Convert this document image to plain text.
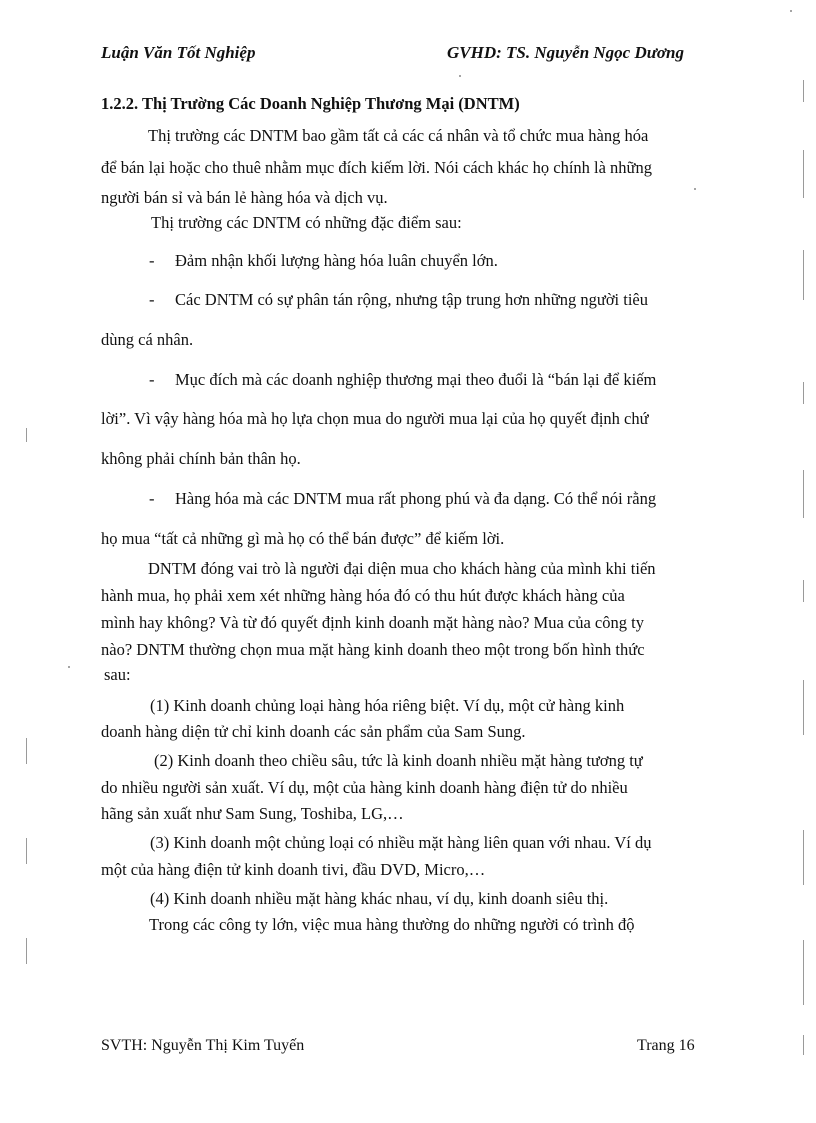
Luận Văn Tốt Nghiệp	GVHD: TS. Nguyễn Ngọc Dương
1.2.2. Thị Trường Các Doanh Nghiệp Thương Mại (DNTM)
Thị trường các DNTM bao gầm tất cả các cá nhân và tổ chức mua hàng hóa
để bán lại hoặc cho thuê nhằm mục đích kiếm lời. Nói cách khác họ chính là những
người bán sỉ và bán lẻ hàng hóa và dịch vụ.
Thị trường các DNTM có những đặc điểm sau:
- Đảm nhận khối lượng hàng hóa luân chuyển lớn.
- Các DNTM có sự phân tán rộng, nhưng tập trung hơn những người tiêu
dùng cá nhân.
- Mục đích mà các doanh nghiệp thương mại theo đuổi là “bán lại để kiếm
lời”. Vì vậy hàng hóa mà họ lựa chọn mua do người mua lại của họ quyết định chứ
không phải chính bản thân họ.
- Hàng hóa mà các DNTM mua rất phong phú và đa dạng. Có thể nói rằng
họ mua “tất cả những gì mà họ có thể bán được” để kiếm lời.
DNTM đóng vai trò là người đại diện mua cho khách hàng của mình khi tiến
hành mua, họ phải xem xét những hàng hóa đó có thu hút được khách hàng của
mình hay không? Và từ đó quyết định kinh doanh mặt hàng nào? Mua của công ty
nào? DNTM thường chọn mua mặt hàng kinh doanh theo một trong bốn hình thức
sau:
(1) Kinh doanh chủng loại hàng hóa riêng biệt. Ví dụ, một cử hàng kinh
doanh hàng diện tử chỉ kinh doanh các sản phẩm của Sam Sung.
(2) Kinh doanh theo chiều sâu, tức là kinh doanh nhiều mặt hàng tương tự
do nhiều người sản xuất. Ví dụ, một của hàng kinh doanh hàng điện tử do nhiều
hãng sản xuất như Sam Sung, Toshiba, LG,…
(3) Kinh doanh một chủng loại có nhiều mặt hàng liên quan với nhau. Ví dụ
một của hàng điện tử kinh doanh tivi, đầu DVD, Micro,…
(4) Kinh doanh nhiều mặt hàng khác nhau, ví dụ, kinh doanh siêu thị.
Trong các công ty lớn, việc mua hàng thường do những người có trình độ
SVTH: Nguyễn Thị Kim Tuyến	Trang 16
